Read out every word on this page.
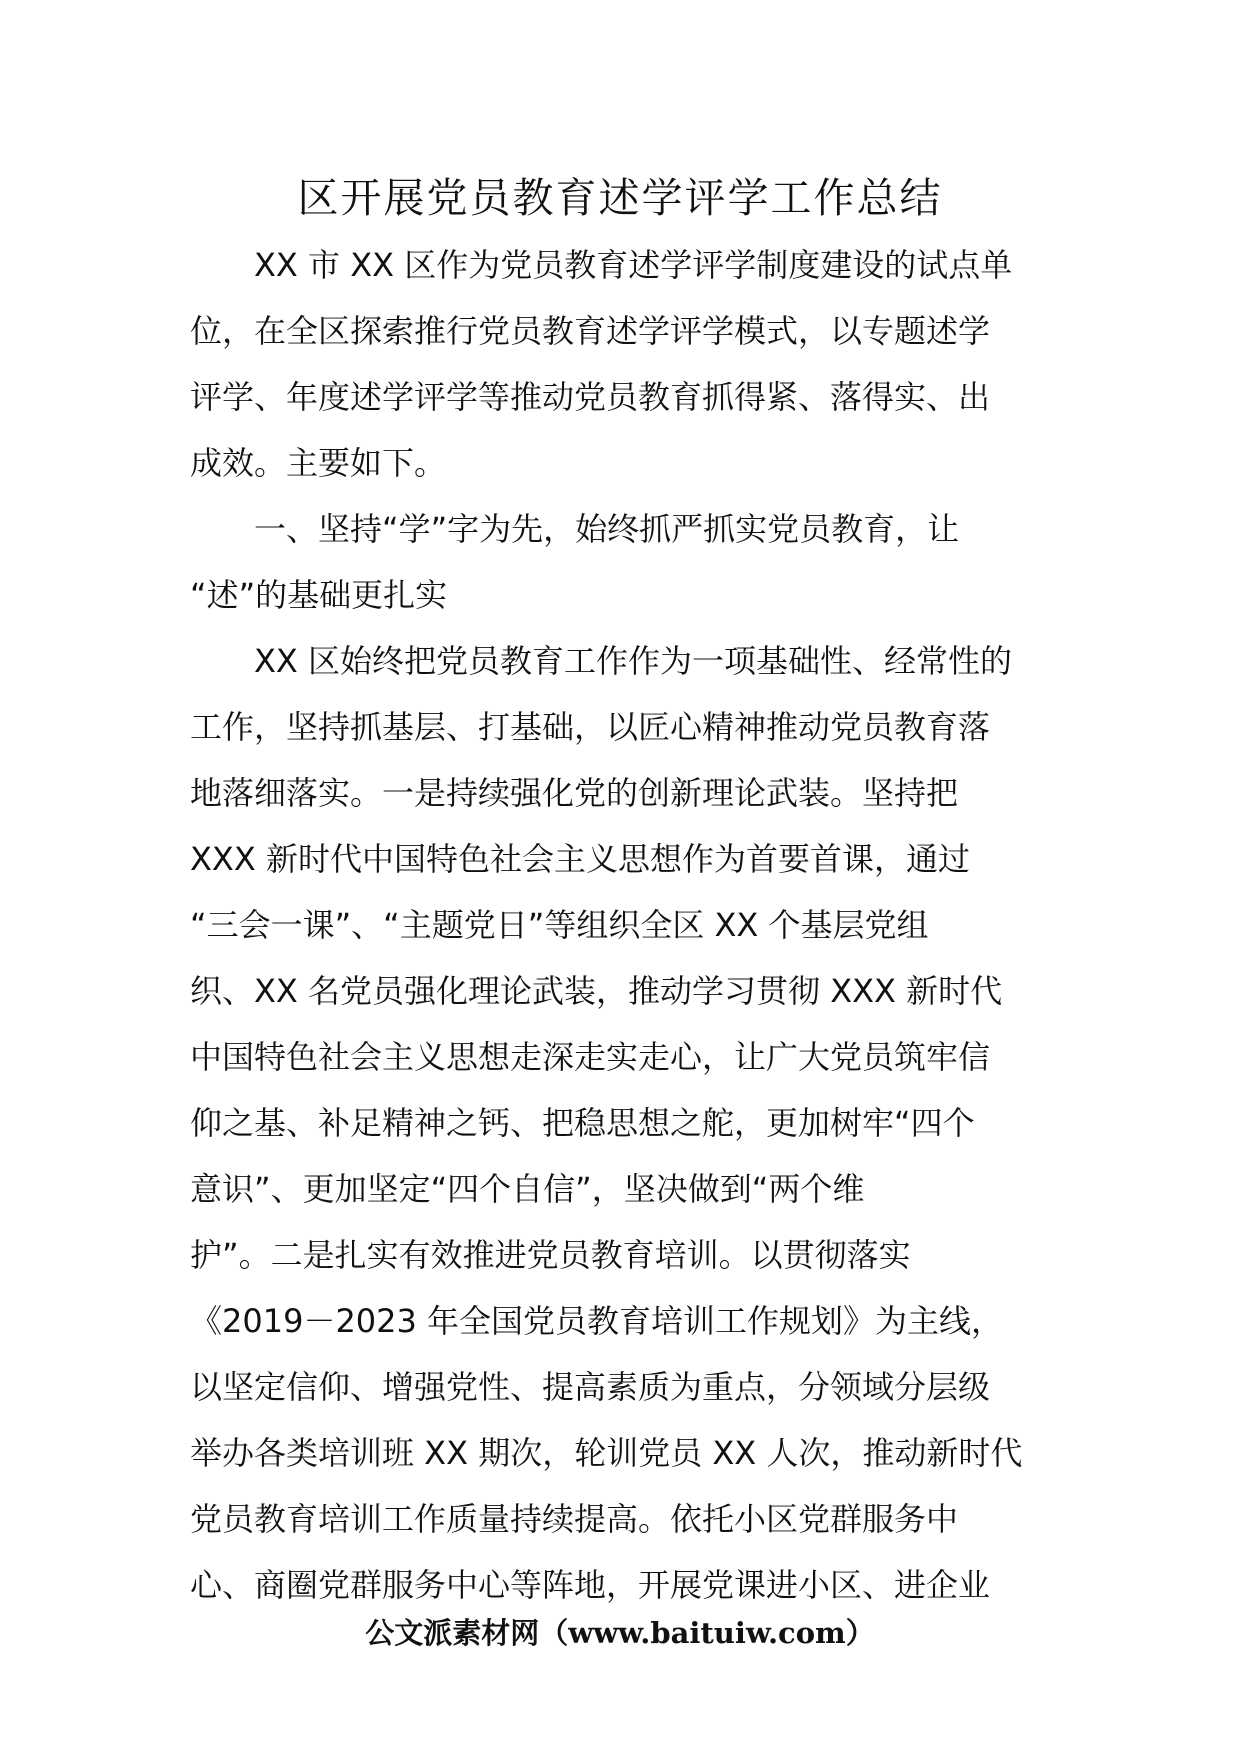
区开展党员教育述学评学工作总结
XX 市 XX 区作为党员教育述学评学制度建设的试点单
位，在全区探索推行党员教育述学评学模式，以专题述学
评学、年度述学评学等推动党员教育抓得紧、落得实、出
成效。主要如下。
一、坚持“学”字为先，始终抓严抓实党员教育，让
“述”的基础更扎实
XX 区始终把党员教育工作作为一项基础性、经常性的
工作，坚持抓基层、打基础，以匠心精神推动党员教育落
地落细落实。一是持续强化党的创新理论武装。坚持把
XXX 新时代中国特色社会主义思想作为首要首课，通过
“三会一课”、“主题党日”等组织全区 XX 个基层党组
织、XX 名党员强化理论武装，推动学习贯彻 XXX 新时代
中国特色社会主义思想走深走实走心，让广大党员筑牢信
仰之基、补足精神之钙、把稳思想之舵，更加树牢“四个
意识”、更加坚定“四个自信”，坚决做到“两个维
护”。二是扎实有效推进党员教育培训。以贯彻落实
《2019－2023 年全国党员教育培训工作规划》为主线，
以坚定信仰、增强党性、提高素质为重点，分领域分层级
举办各类培训班 XX 期次，轮训党员 XX 人次，推动新时代
党员教育培训工作质量持续提高。依托小区党群服务中
心、商圈党群服务中心等阵地，开展党课进小区、进企业
公文派素材网（www.baituiw.com）
